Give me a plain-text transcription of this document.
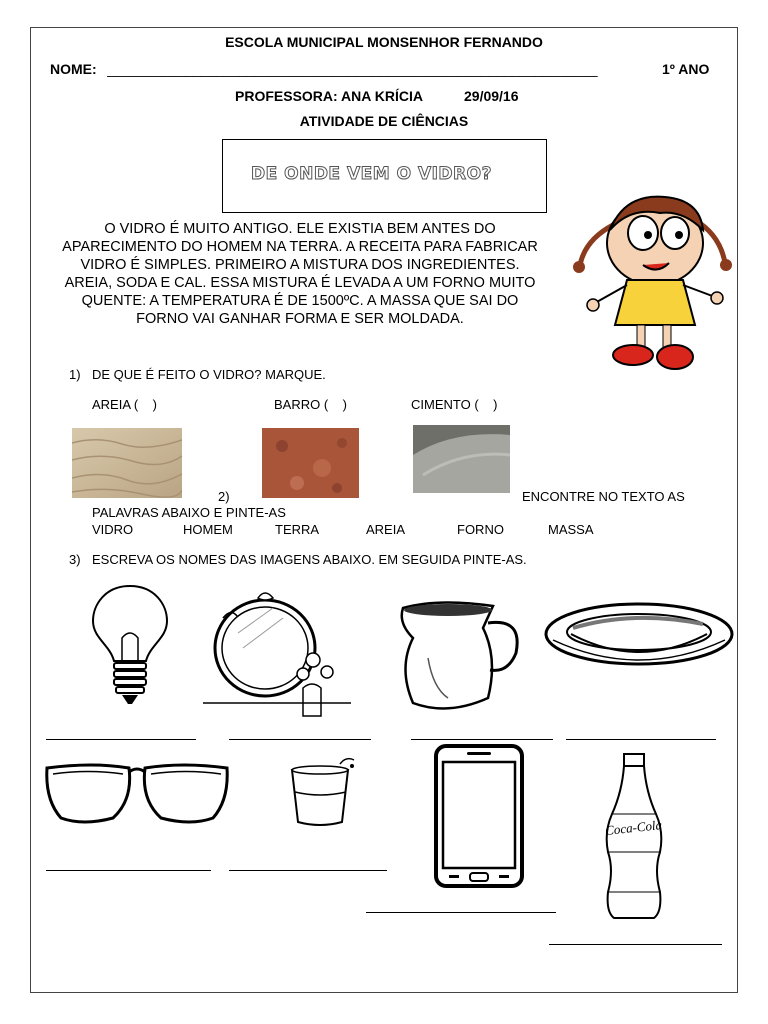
ESCOLA MUNICIPAL MONSENHOR FERNANDO
NOME: _______________________________________________________________	1º ANO
PROFESSORA: ANA KRÍCIA	29/09/16
ATIVIDADE DE CIÊNCIAS
DE ONDE VEM O VIDRO?
O VIDRO É MUITO ANTIGO. ELE EXISTIA BEM ANTES DO
APARECIMENTO DO HOMEM NA TERRA. A RECEITA PARA FABRICAR
VIDRO É SIMPLES. PRIMEIRO A MISTURA DOS INGREDIENTES.
AREIA, SODA E CAL. ESSA MISTURA É LEVADA A UM FORNO MUITO
QUENTE: A TEMPERATURA É DE 1500ºC. A MASSA QUE SAI DO
FORNO VAI GANHAR FORMA E SER MOLDADA.
1) DE QUE É FEITO O VIDRO? MARQUE.
AREIA (    )	BARRO (    )	CIMENTO (    )
2)	ENCONTRE NO TEXTO AS
PALAVRAS ABAIXO E PINTE-AS
VIDRO	HOMEM	TERRA	AREIA	FORNO	MASSA
3) ESCREVA OS NOMES DAS IMAGENS ABAIXO. EM SEGUIDA PINTE-AS.
Coca-Cola
